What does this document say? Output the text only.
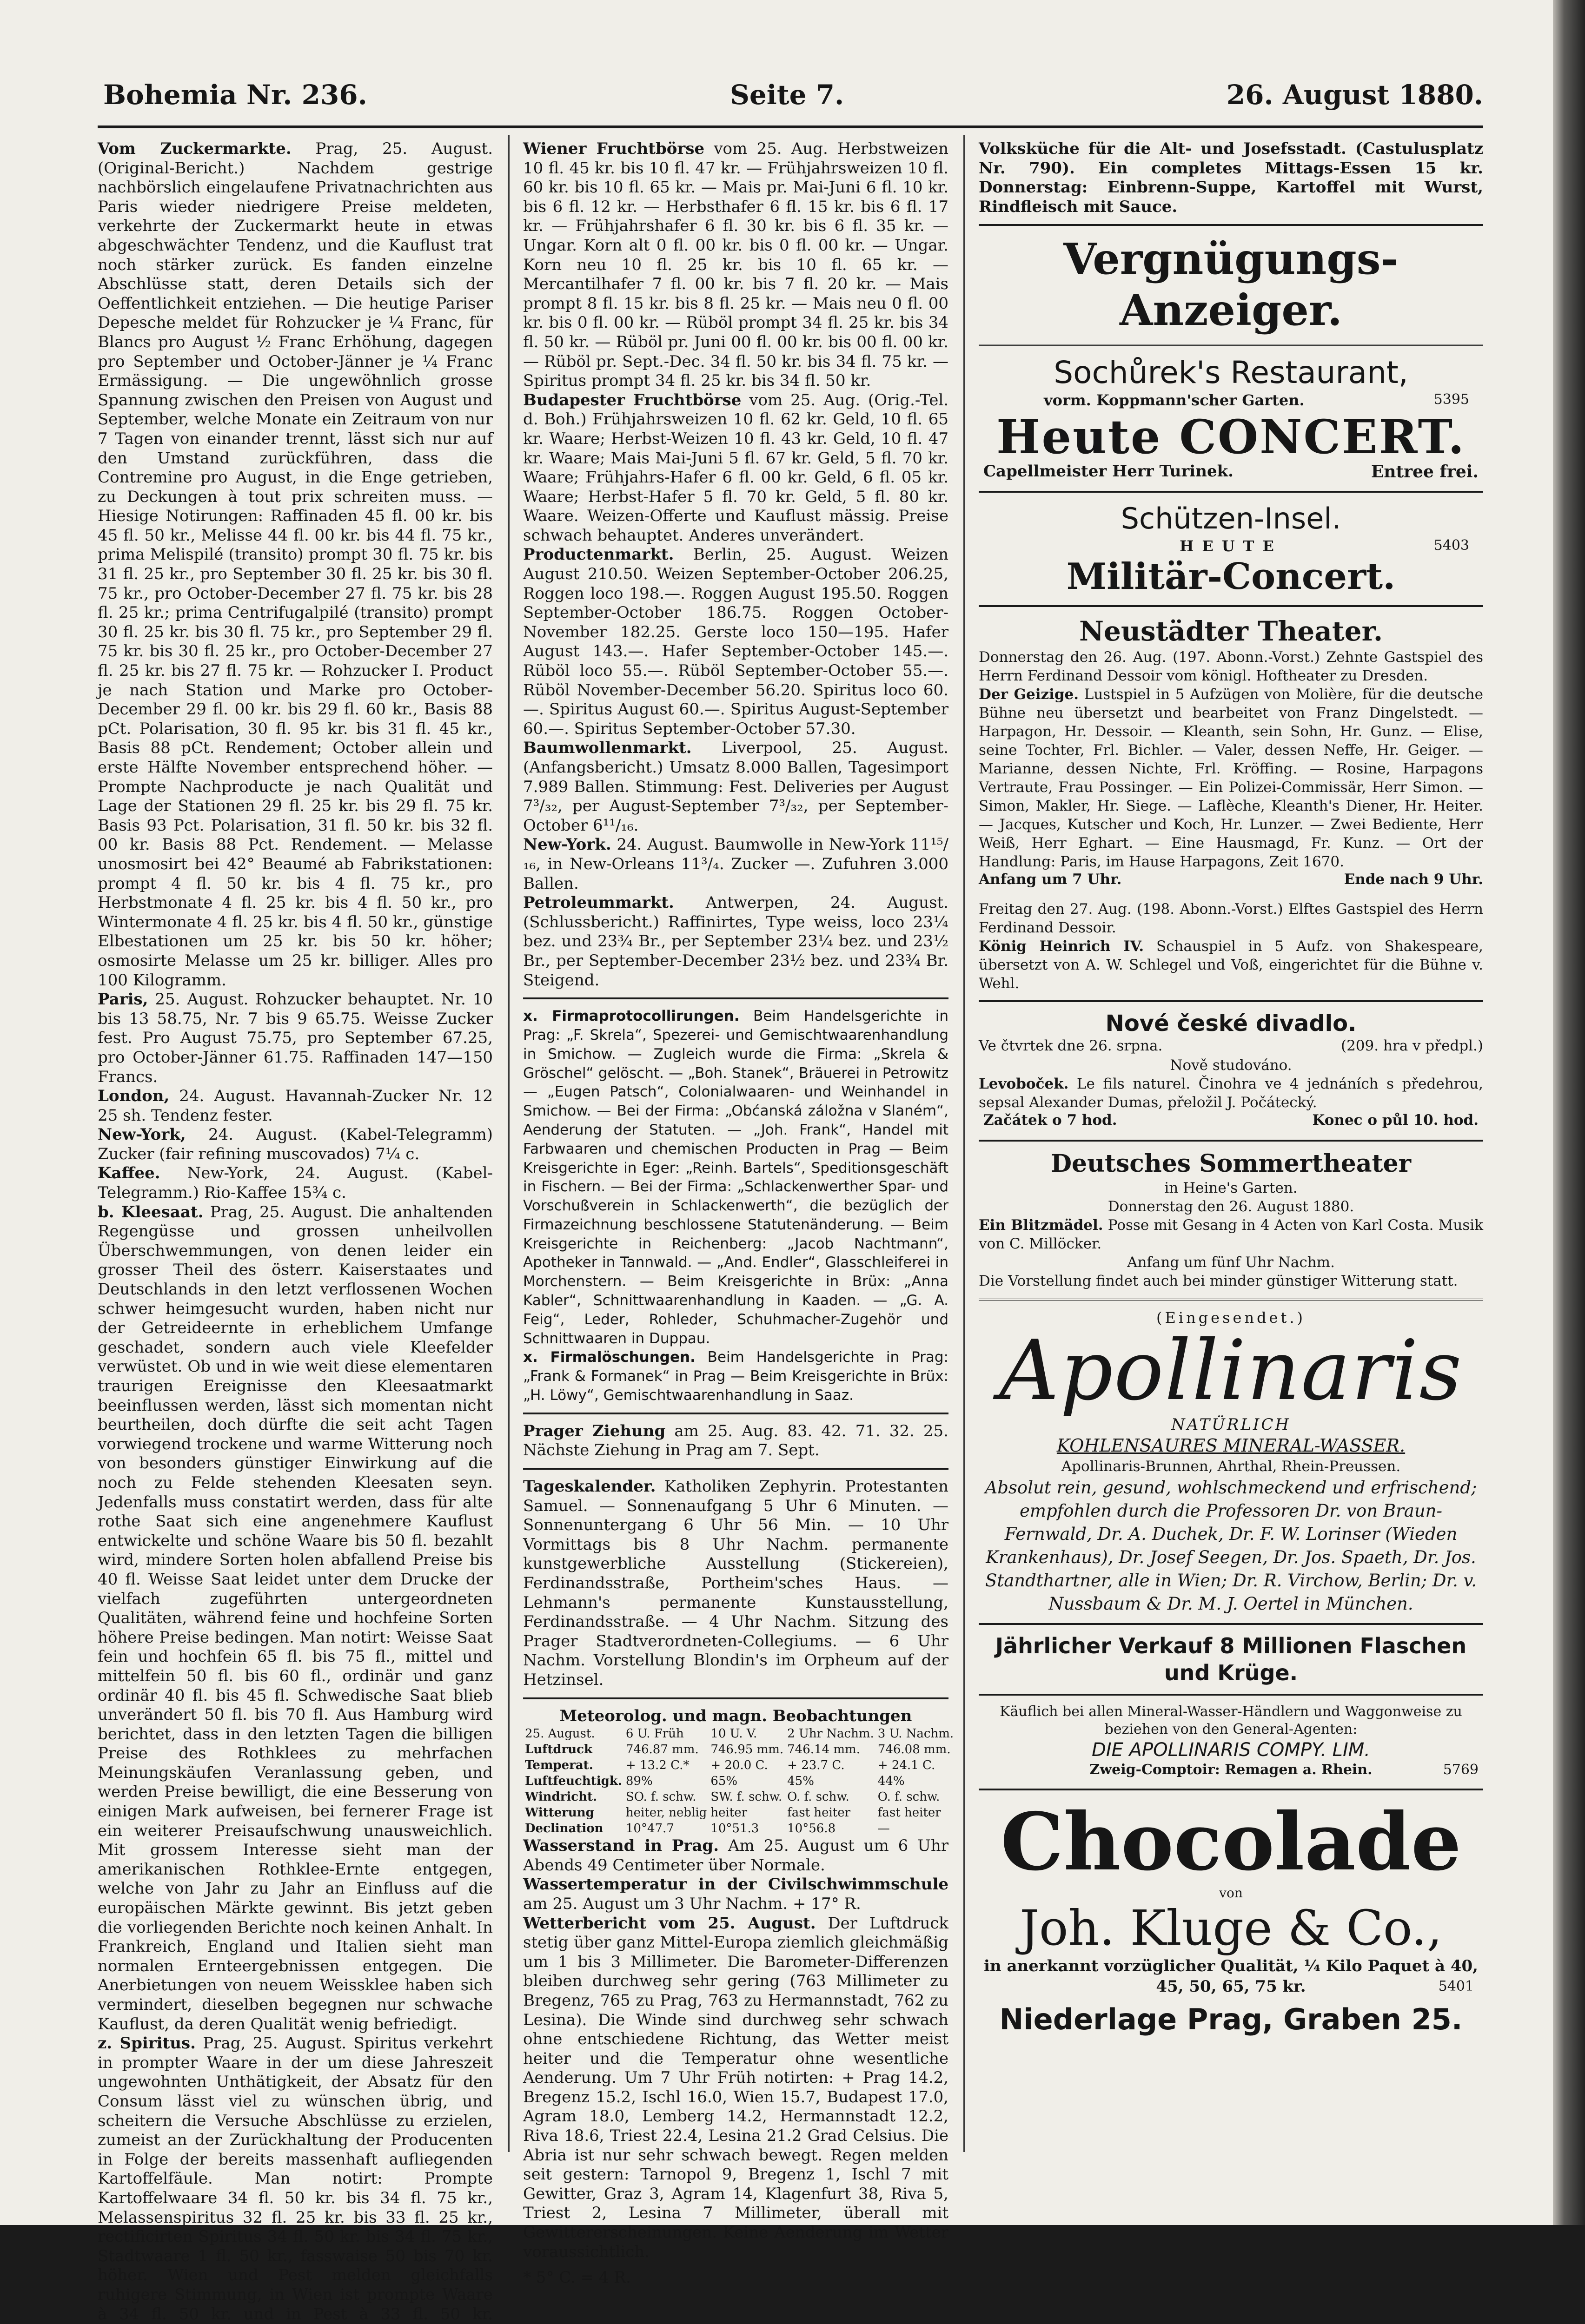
Bohemia Nr. 236.	Seite 7.	26. August 1880.

Vom Zuckermarkte. Prag, 25. August. (Original-Bericht.) Nachdem gestrige nachbörslich eingelaufene Privatnachrichten aus Paris wieder niedrigere Preise meldeten, verkehrte der Zuckermarkt heute in etwas abgeschwächter Tendenz, und die Kauflust trat noch stärker zurück. Es fanden einzelne Abschlüsse statt, deren Details sich der Oeffentlichkeit entziehen. — Die heutige Pariser Depesche meldet für Rohzucker je ¼ Franc, für Blancs pro August ½ Franc Erhöhung, dagegen pro September und October-Jänner je ¼ Franc Ermässigung. — Die ungewöhnlich grosse Spannung zwischen den Preisen von August und September, welche Monate ein Zeitraum von nur 7 Tagen von einander trennt, lässt sich nur auf den Umstand zurückführen, dass die Contremine pro August, in die Enge getrieben, zu Deckungen à tout prix schreiten muss. — Hiesige Notirungen: Raffinaden 45 fl. 00 kr. bis 45 fl. 50 kr., Melisse 44 fl. 00 kr. bis 44 fl. 75 kr., prima Melispilé (transito) prompt 30 fl. 75 kr. bis 31 fl. 25 kr., pro September 30 fl. 25 kr. bis 30 fl. 75 kr., pro October-December 27 fl. 75 kr. bis 28 fl. 25 kr.; prima Centrifugalpilé (transito) prompt 30 fl. 25 kr. bis 30 fl. 75 kr., pro September 29 fl. 75 kr. bis 30 fl. 25 kr., pro October-December 27 fl. 25 kr. bis 27 fl. 75 kr. — Rohzucker I. Product je nach Station und Marke pro October-December 29 fl. 00 kr. bis 29 fl. 60 kr., Basis 88 pCt. Polarisation, 30 fl. 95 kr. bis 31 fl. 45 kr., Basis 88 pCt. Rendement; October allein und erste Hälfte November entsprechend höher. — Prompte Nachproducte je nach Qualität und Lage der Stationen 29 fl. 25 kr. bis 29 fl. 75 kr. Basis 93 Pct. Polarisation, 31 fl. 50 kr. bis 32 fl. 00 kr. Basis 88 Pct. Rendement. — Melasse unosmosirt bei 42° Beaumé ab Fabrikstationen: prompt 4 fl. 50 kr. bis 4 fl. 75 kr., pro Herbstmonate 4 fl. 25 kr. bis 4 fl. 50 kr., pro Wintermonate 4 fl. 25 kr. bis 4 fl. 50 kr., günstige Elbestationen um 25 kr. bis 50 kr. höher; osmosirte Melasse um 25 kr. billiger. Alles pro 100 Kilogramm.

Paris, 25. August. Rohzucker behauptet. Nr. 10 bis 13 58.75, Nr. 7 bis 9 65.75. Weisse Zucker fest. Pro August 75.75, pro September 67.25, pro October-Jänner 61.75. Raffinaden 147—150 Francs.

London, 24. August. Havannah-Zucker Nr. 12 25 sh. Tendenz fester.

New-York, 24. August. (Kabel-Telegramm) Zucker (fair refining muscovados) 7¼ c.

Kaffee. New-York, 24. August. (Kabel-Telegramm.) Rio-Kaffee 15¾ c.

b. Kleesaat. Prag, 25. August. Die anhaltenden Regengüsse und grossen unheilvollen Überschwemmungen, von denen leider ein grosser Theil des österr. Kaiserstaates und Deutschlands in den letzt verflossenen Wochen schwer heimgesucht wurden, haben nicht nur der Getreideernte in erheblichem Umfange geschadet, sondern auch viele Kleefelder verwüstet. Ob und in wie weit diese elementaren traurigen Ereignisse den Kleesaatmarkt beeinflussen werden, lässt sich momentan nicht beurtheilen, doch dürfte die seit acht Tagen vorwiegend trockene und warme Witterung noch von besonders günstiger Einwirkung auf die noch zu Felde stehenden Kleesaten seyn. Jedenfalls muss constatirt werden, dass für alte rothe Saat sich eine angenehmere Kauflust entwickelte und schöne Waare bis 50 fl. bezahlt wird, mindere Sorten holen abfallend Preise bis 40 fl. Weisse Saat leidet unter dem Drucke der vielfach zugeführten untergeordneten Qualitäten, während feine und hochfeine Sorten höhere Preise bedingen. Man notirt: Weisse Saat fein und hochfein 65 fl. bis 75 fl., mittel und mittelfein 50 fl. bis 60 fl., ordinär und ganz ordinär 40 fl. bis 45 fl. Schwedische Saat blieb unverändert 50 fl. bis 70 fl. Aus Hamburg wird berichtet, dass in den letzten Tagen die billigen Preise des Rothklees zu mehrfachen Meinungskäufen Veranlassung geben, und werden Preise bewilligt, die eine Besserung von einigen Mark aufweisen, bei fernerer Frage ist ein weiterer Preisaufschwung unausweichlich. Mit grossem Interesse sieht man der amerikanischen Rothklee-Ernte entgegen, welche von Jahr zu Jahr an Einfluss auf die europäischen Märkte gewinnt. Bis jetzt geben die vorliegenden Berichte noch keinen Anhalt. In Frankreich, England und Italien sieht man normalen Ernteergebnissen entgegen. Die Anerbietungen von neuem Weissklee haben sich vermindert, dieselben begegnen nur schwache Kauflust, da deren Qualität wenig befriedigt.

z. Spiritus. Prag, 25. August. Spiritus verkehrt in prompter Waare in der um diese Jahreszeit ungewohnten Unthätigkeit, der Absatz für den Consum lässt viel zu wünschen übrig, und scheitern die Versuche Abschlüsse zu erzielen, zumeist an der Zurückhaltung der Producenten in Folge der bereits massenhaft aufliegenden Kartoffelfäule. Man notirt: Prompte Kartoffelwaare 34 fl. 50 kr. bis 34 fl. 75 kr., Melassenspiritus 32 fl. 25 kr. bis 33 fl. 25 kr., rectificirten Spiritus 34 fl. 50 kr. bis 34 fl. 75 kr., Stadtwaare 1 fl. 50 kr., fasswaise 50 bis 70 kr. höher. Wien und Pest melden gleichfalls ruhigere Stimmung, in Wien ist prompte Waare à 34 fl. 50 kr. und in Pest à 33 fl. 50 kr.

Wiener Fruchtbörse vom 25. Aug. Herbstweizen 10 fl. 45 kr. bis 10 fl. 47 kr. — Frühjahrsweizen 10 fl. 60 kr. bis 10 fl. 65 kr. — Mais pr. Mai-Juni 6 fl. 10 kr. bis 6 fl. 12 kr. — Herbsthafer 6 fl. 15 kr. bis 6 fl. 17 kr. — Frühjahrshafer 6 fl. 30 kr. bis 6 fl. 35 kr. — Ungar. Korn alt 0 fl. 00 kr. bis 0 fl. 00 kr. — Ungar. Korn neu 10 fl. 25 kr. bis 10 fl. 65 kr. — Mercantilhafer 7 fl. 00 kr. bis 7 fl. 20 kr. — Mais prompt 8 fl. 15 kr. bis 8 fl. 25 kr. — Mais neu 0 fl. 00 kr. bis 0 fl. 00 kr. — Rüböl prompt 34 fl. 25 kr. bis 34 fl. 50 kr. — Rüböl pr. Juni 00 fl. 00 kr. bis 00 fl. 00 kr. — Rüböl pr. Sept.-Dec. 34 fl. 50 kr. bis 34 fl. 75 kr. — Spiritus prompt 34 fl. 25 kr. bis 34 fl. 50 kr.

Budapester Fruchtbörse vom 25. Aug. (Orig.-Tel. d. Boh.) Frühjahrsweizen 10 fl. 62 kr. Geld, 10 fl. 65 kr. Waare; Herbst-Weizen 10 fl. 43 kr. Geld, 10 fl. 47 kr. Waare; Mais Mai-Juni 5 fl. 67 kr. Geld, 5 fl. 70 kr. Waare; Frühjahrs-Hafer 6 fl. 00 kr. Geld, 6 fl. 05 kr. Waare; Herbst-Hafer 5 fl. 70 kr. Geld, 5 fl. 80 kr. Waare. Weizen-Offerte und Kauflust mässig. Preise schwach behauptet. Anderes unverändert.

Productenmarkt. Berlin, 25. August. Weizen August 210.50. Weizen September-October 206.25, Roggen loco 198.—. Roggen August 195.50. Roggen September-October 186.75. Roggen October-November 182.25. Gerste loco 150—195. Hafer August 143.—. Hafer September-October 145.—. Rüböl loco 55.—. Rüböl September-October 55.—. Rüböl November-December 56.20. Spiritus loco 60.—. Spiritus August 60.—. Spiritus August-September 60.—. Spiritus September-October 57.30.

Baumwollenmarkt. Liverpool, 25. August. (Anfangsbericht.) Umsatz 8.000 Ballen, Tagesimport 7.989 Ballen. Stimmung: Fest. Deliveries per August 7³/₃₂, per August-September 7³/₃₂, per September-October 6¹¹/₁₆.

New-York. 24. August. Baumwolle in New-York 11¹⁵/₁₆, in New-Orleans 11³/₄. Zucker —. Zufuhren 3.000 Ballen.

Petroleummarkt. Antwerpen, 24. August. (Schlussbericht.) Raffinirtes, Type weiss, loco 23¼ bez. und 23¾ Br., per September 23¼ bez. und 23½ Br., per September-December 23½ bez. und 23¾ Br. Steigend.

x. Firmaprotocollirungen. Beim Handelsgerichte in Prag: „F. Skrela“, Spezerei- und Gemischtwaarenhandlung in Smichow. — Zugleich wurde die Firma: „Skrela & Gröschel“ gelöscht. — „Boh. Stanek“, Bräuerei in Petrowitz — „Eugen Patsch“, Colonialwaaren- und Weinhandel in Smichow. — Bei der Firma: „Obćanská záložna v Slaném“, Aenderung der Statuten. — „Joh. Frank“, Handel mit Farbwaaren und chemischen Producten in Prag — Beim Kreisgerichte in Eger: „Reinh. Bartels“, Speditionsgeschäft in Fischern. — Bei der Firma: „Schlackenwerther Spar- und Vorschußverein in Schlackenwerth“, die bezüglich der Firmazeichnung beschlossene Statutenänderung. — Beim Kreisgerichte in Reichenberg: „Jacob Nachtmann“, Apotheker in Tannwald. — „And. Endler“, Glasschleiferei in Morchenstern. — Beim Kreisgerichte in Brüx: „Anna Kabler“, Schnittwaarenhandlung in Kaaden. — „G. A. Feig“, Leder, Rohleder, Schuhmacher-Zugehör und Schnittwaaren in Duppau.

x. Firmalöschungen. Beim Handelsgerichte in Prag: „Frank & Formanek“ in Prag — Beim Kreisgerichte in Brüx: „H. Löwy“, Gemischtwaarenhandlung in Saaz.

Prager Ziehung am 25. Aug. 83. 42. 71. 32. 25. Nächste Ziehung in Prag am 7. Sept.

Tageskalender. Katholiken Zephyrin. Protestanten Samuel. — Sonnenaufgang 5 Uhr 6 Minuten. — Sonnenuntergang 6 Uhr 56 Min. — 10 Uhr Vormittags bis 8 Uhr Nachm. permanente kunstgewerbliche Ausstellung (Stickereien), Ferdinandsstraße, Portheim'sches Haus. — Lehmann's permanente Kunstausstellung, Ferdinandsstraße. — 4 Uhr Nachm. Sitzung des Prager Stadtverordneten-Collegiums. — 6 Uhr Nachm. Vorstellung Blondin's im Orpheum auf der Hetzinsel.

Meteorolog. und magn. Beobachtungen

25. August.	6 U. Früh	10 U. V.	2 Uhr Nachm.	3 U. Nachm.
Luftdruck	746.87 mm.	746.95 mm.	746.14 mm.	746.08 mm.
Temperat.	+ 13.2 C.*	+ 20.0 C.	+ 23.7 C.	+ 24.1 C.
Luftfeuchtigk.	89%	65%	45%	44%
Windricht.	SO. f. schw.	SW. f. schw.	O. f. schw.	O. f. schw.
Witterung	heiter, neblig	heiter	fast heiter	fast heiter
Declination	10°47.7	10°51.3	10°56.8	—

Wasserstand in Prag. Am 25. August um 6 Uhr Abends 49 Centimeter über Normale.

Wassertemperatur in der Civilschwimmschule am 25. August um 3 Uhr Nachm. + 17° R.

Wetterbericht vom 25. August. Der Luftdruck stetig über ganz Mittel-Europa ziemlich gleichmäßig um 1 bis 3 Millimeter. Die Barometer-Differenzen bleiben durchweg sehr gering (763 Millimeter zu Bregenz, 765 zu Prag, 763 zu Hermannstadt, 762 zu Lesina). Die Winde sind durchweg sehr schwach ohne entschiedene Richtung, das Wetter meist heiter und die Temperatur ohne wesentliche Aenderung. Um 7 Uhr Früh notirten: + Prag 14.2, Bregenz 15.2, Ischl 16.0, Wien 15.7, Budapest 17.0, Agram 18.0, Lemberg 14.2, Hermannstadt 12.2, Riva 18.6, Triest 22.4, Lesina 21.2 Grad Celsius. Die Abria ist nur sehr schwach bewegt. Regen melden seit gestern: Tarnopol 9, Bregenz 1, Ischl 7 mit Gewitter, Graz 3, Agram 14, Klagenfurt 38, Riva 5, Triest 2, Lesina 7 Millimeter, überall mit Gewittererscheinungen. Keine Aenderung im Wetter voraussichtlich.

* 5° C. = 4 R.

Volksküche für die Alt- und Josefsstadt. (Castulusplatz Nr. 790). Ein completes Mittags-Essen 15 kr. Donnerstag: Einbrenn-Suppe, Kartoffel mit Wurst, Rindfleisch mit Sauce.

Vergnügungs-Anzeiger.

Sochůrek's Restaurant,

vorm. Koppmann'scher Garten.	5395

Heute CONCERT.

Capellmeister Herr Turinek.	Entree frei.

Schützen-Insel.

HEUTE	5403

Militär-Concert.

Neustädter Theater.

Donnerstag den 26. Aug. (197. Abonn.-Vorst.) Zehnte Gastspiel des Herrn Ferdinand Dessoir vom königl. Hoftheater zu Dresden.

Der Geizige. Lustspiel in 5 Aufzügen von Molière, für die deutsche Bühne neu übersetzt und bearbeitet von Franz Dingelstedt. — Harpagon, Hr. Dessoir. — Kleanth, sein Sohn, Hr. Gunz. — Elise, seine Tochter, Frl. Bichler. — Valer, dessen Neffe, Hr. Geiger. — Marianne, dessen Nichte, Frl. Kröffing. — Rosine, Harpagons Vertraute, Frau Possinger. — Ein Polizei-Commissär, Herr Simon. — Simon, Makler, Hr. Siege. — Laflèche, Kleanth's Diener, Hr. Heiter. — Jacques, Kutscher und Koch, Hr. Lunzer. — Zwei Bediente, Herr Weiß, Herr Eghart. — Eine Hausmagd, Fr. Kunz. — Ort der Handlung: Paris, im Hause Harpagons, Zeit 1670.

Anfang um 7 Uhr.	Ende nach 9 Uhr.

Freitag den 27. Aug. (198. Abonn.-Vorst.) Elftes Gastspiel des Herrn Ferdinand Dessoir.

König Heinrich IV. Schauspiel in 5 Aufz. von Shakespeare, übersetzt von A. W. Schlegel und Voß, eingerichtet für die Bühne v. Wehl.

Nové české divadlo.

Ve čtvrtek dne 26. srpna.	(209. hra v předpl.)

Nově studováno.

Levoboček. Le fils naturel. Činohra ve 4 jednáních s předehrou, sepsal Alexander Dumas, přeložil J. Počátecký.

Začátek o 7 hod.	Konec o půl 10. hod.

Deutsches Sommertheater

in Heine's Garten.

Donnerstag den 26. August 1880.

Ein Blitzmädel. Posse mit Gesang in 4 Acten von Karl Costa. Musik von C. Millöcker.

Anfang um fünf Uhr Nachm.

Die Vorstellung findet auch bei minder günstiger Witterung statt.

(Eingesendet.)

Apollinaris

NATÜRLICH

KOHLENSAURES MINERAL-WASSER.

Apollinaris-Brunnen, Ahrthal, Rhein-Preussen.

Absolut rein, gesund, wohlschmeckend und erfrischend; empfohlen durch die Professoren Dr. von Braun-Fernwald, Dr. A. Duchek, Dr. F. W. Lorinser (Wieden Krankenhaus), Dr. Josef Seegen, Dr. Jos. Spaeth, Dr. Jos. Standthartner, alle in Wien; Dr. R. Virchow, Berlin; Dr. v. Nussbaum & Dr. M. J. Oertel in München.

Jährlicher Verkauf 8 Millionen Flaschen und Krüge.

Käuflich bei allen Mineral-Wasser-Händlern und Waggonweise zu beziehen von den General-Agenten:

DIE APOLLINARIS COMPY. LIM.

Zweig-Comptoir: Remagen a. Rhein.	5769

Chocolade

von

Joh. Kluge & Co.,

in anerkannt vorzüglicher Qualität, ¼ Kilo Paquet à 40, 45, 50, 65, 75 kr.	5401

Niederlage Prag, Graben 25.
